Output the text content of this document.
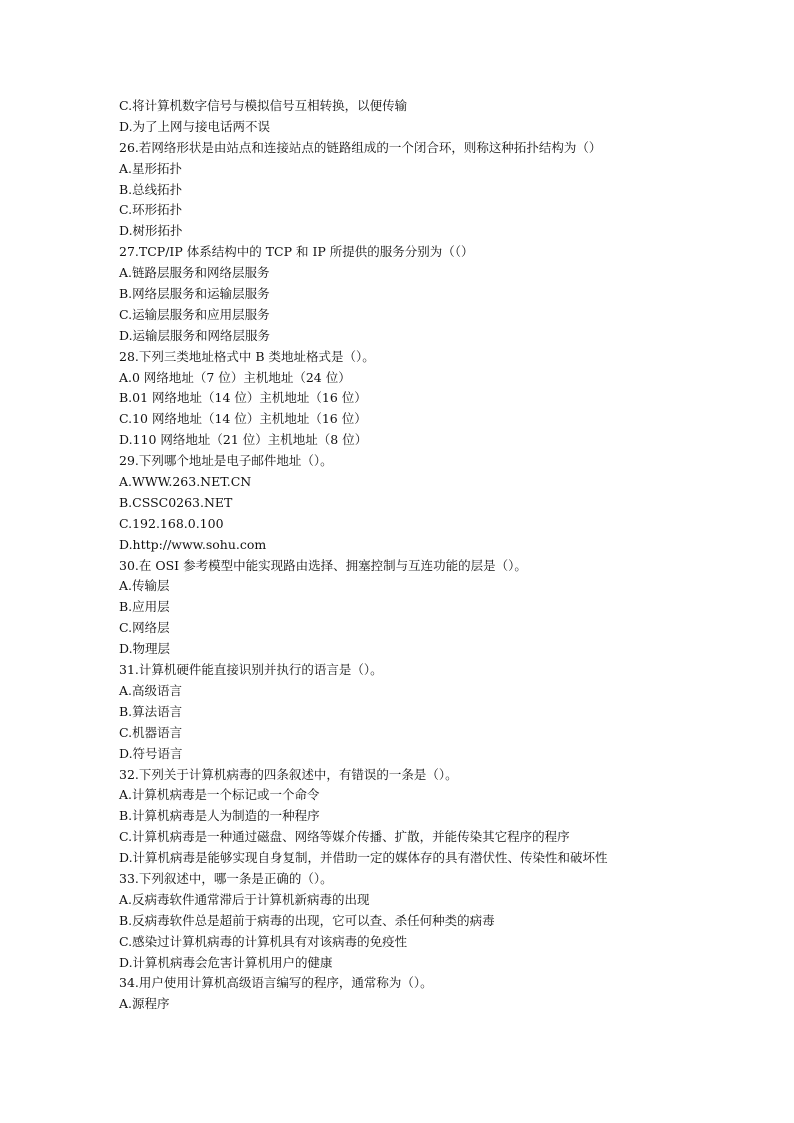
C.将计算机数字信号与模拟信号互相转换，以便传输
D.为了上网与接电话两不误
26.若网络形状是由站点和连接站点的链路组成的一个闭合环，则称这种拓扑结构为（）
A.星形拓扑
B.总线拓扑
C.环形拓扑
D.树形拓扑
27.TCP/IP 体系结构中的 TCP 和 IP 所提供的服务分别为（（）
A.链路层服务和网络层服务
B.网络层服务和运输层服务
C.运输层服务和应用层服务
D.运输层服务和网络层服务
28.下列三类地址格式中 B 类地址格式是（）。
A.0 网络地址（7 位）主机地址（24 位）
B.01 网络地址（14 位）主机地址（16 位）
C.10 网络地址（14 位）主机地址（16 位）
D.110 网络地址（21 位）主机地址（8 位）
29.下列哪个地址是电子邮件地址（）。
A.WWW.263.NET.CN
B.CSSC0263.NET
C.192.168.0.100
D.http://www.sohu.com
30.在 OSI 参考模型中能实现路由选择、拥塞控制与互连功能的层是（）。
A.传输层
B.应用层
C.网络层
D.物理层
31.计算机硬件能直接识别并执行的语言是（）。
A.高级语言
B.算法语言
C.机器语言
D.符号语言
32.下列关于计算机病毒的四条叙述中，有错误的一条是（）。
A.计算机病毒是一个标记或一个命令
B.计算机病毒是人为制造的一种程序
C.计算机病毒是一种通过磁盘、网络等媒介传播、扩散，并能传染其它程序的程序
D.计算机病毒是能够实现自身复制，并借助一定的媒体存的具有潜伏性、传染性和破坏性
33.下列叙述中，哪一条是正确的（）。
A.反病毒软件通常滞后于计算机新病毒的出现
B.反病毒软件总是超前于病毒的出现，它可以查、杀任何种类的病毒
C.感染过计算机病毒的计算机具有对该病毒的免疫性
D.计算机病毒会危害计算机用户的健康
34.用户使用计算机高级语言编写的程序，通常称为（）。
A.源程序
